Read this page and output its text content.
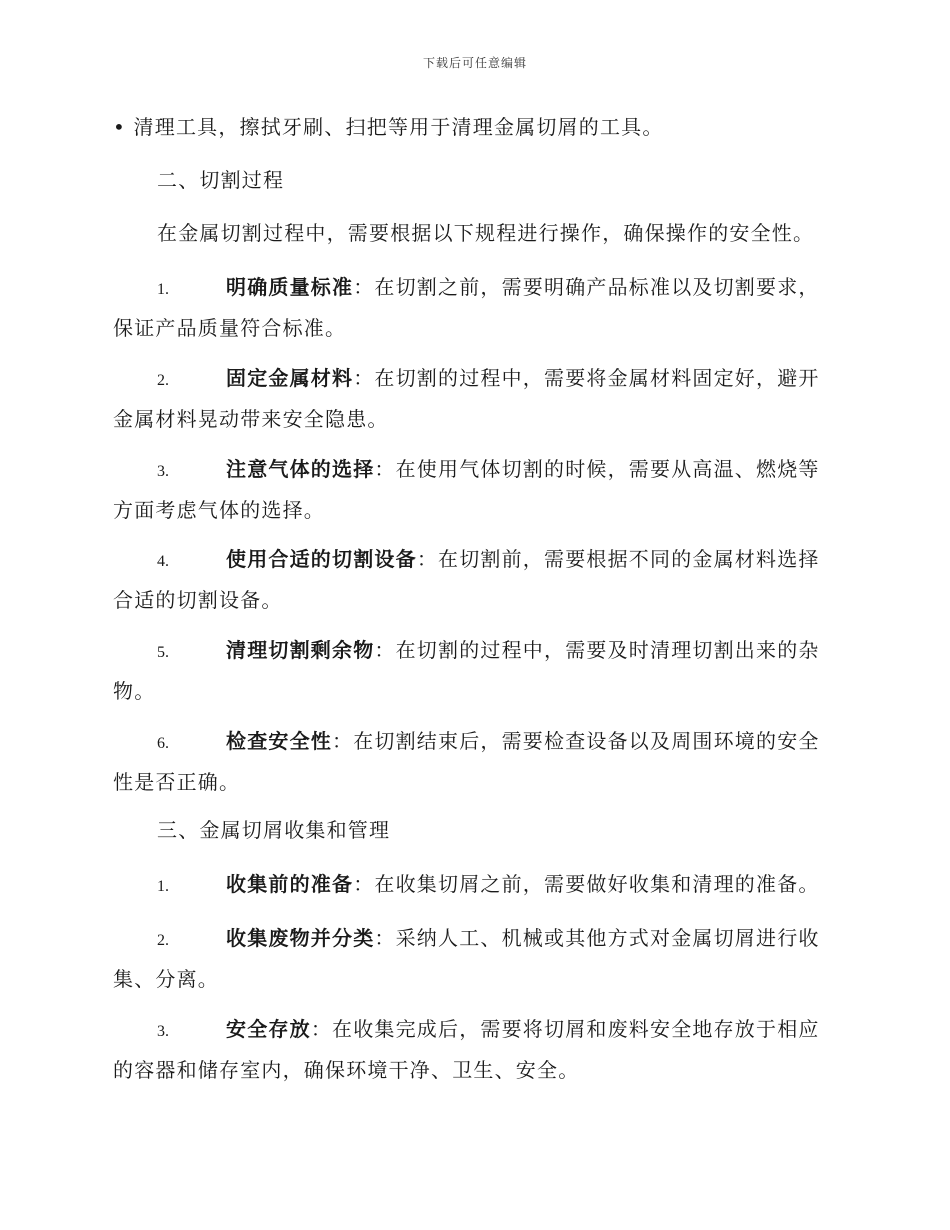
下载后可任意编辑
• 清理工具，擦拭牙刷、扫把等用于清理金属切屑的工具。
二、切割过程
在金属切割过程中，需要根据以下规程进行操作，确保操作的安全性。
1.	明确质量标准：在切割之前，需要明确产品标准以及切割要求，保证产品质量符合标准。
2.	固定金属材料：在切割的过程中，需要将金属材料固定好，避开金属材料晃动带来安全隐患。
3.	注意气体的选择：在使用气体切割的时候，需要从高温、燃烧等方面考虑气体的选择。
4.	使用合适的切割设备：在切割前，需要根据不同的金属材料选择合适的切割设备。
5.	清理切割剩余物：在切割的过程中，需要及时清理切割出来的杂物。
6.	检查安全性：在切割结束后，需要检查设备以及周围环境的安全性是否正确。
三、金属切屑收集和管理
1.	收集前的准备：在收集切屑之前，需要做好收集和清理的准备。
2.	收集废物并分类：采纳人工、机械或其他方式对金属切屑进行收集、分离。
3.	安全存放：在收集完成后，需要将切屑和废料安全地存放于相应的容器和储存室内，确保环境干净、卫生、安全。
